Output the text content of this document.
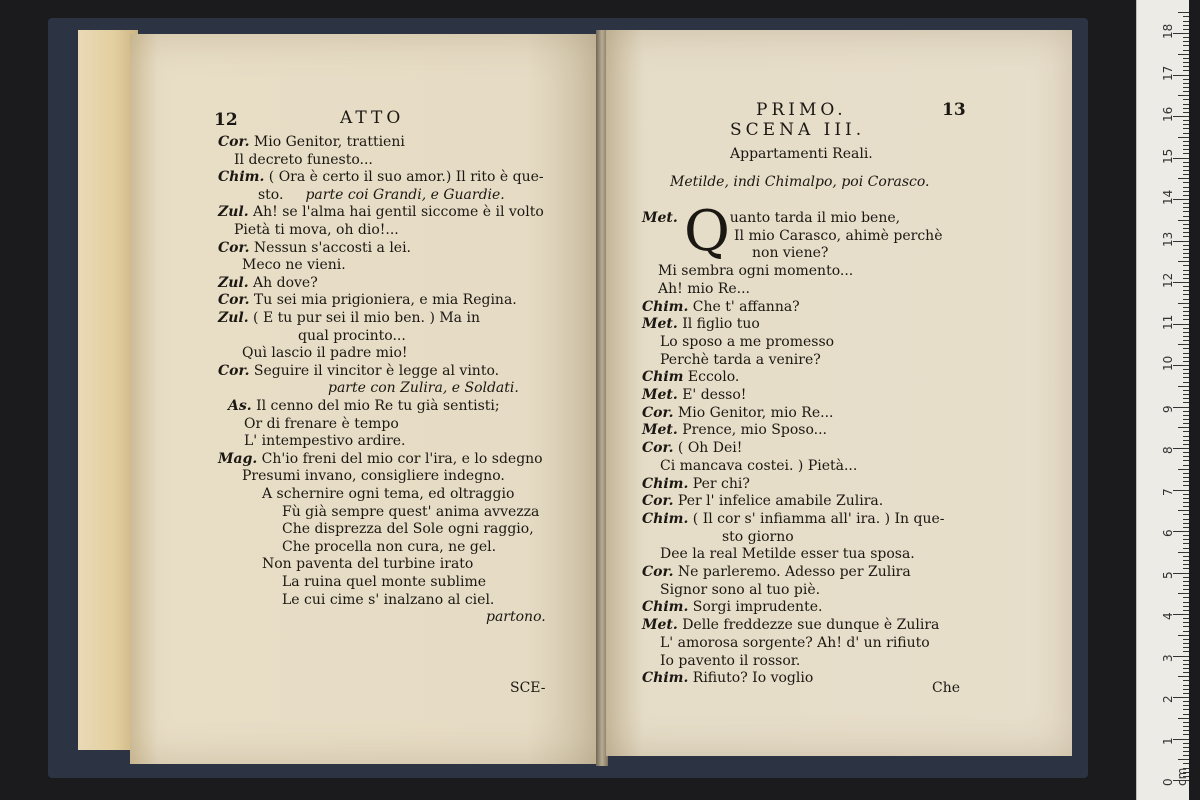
12	ATTO
Cor. Mio Genitor, trattieni
Il decreto funesto...
Chim. ( Ora è certo il suo amor.) Il rito è que-
sto. parte coi Grandi, e Guardie.
Zul. Ah! se l'alma hai gentil siccome è il volto
Pietà ti mova, oh dio!...
Cor. Nessun s'accosti a lei.
Meco ne vieni.
Zul. Ah dove?
Cor. Tu sei mia prigioniera, e mia Regina.
Zul. ( E tu pur sei il mio ben. ) Ma in
qual procinto...
Quì lascio il padre mio!
Cor. Seguire il vincitor è legge al vinto.
parte con Zulira, e Soldati.
As. Il cenno del mio Re tu già sentisti;
Or di frenare è tempo
L' intempestivo ardire.
Mag. Ch'io freni del mio cor l'ira, e lo sdegno
Presumi invano, consigliere indegno.
A schernire ogni tema, ed oltraggio
Fù già sempre quest' anima avvezza
Che disprezza del Sole ogni raggio,
Che procella non cura, ne gel.
Non paventa del turbine irato
La ruina quel monte sublime
Le cui cime s' inalzano al ciel.
partono.
SCE-
PRIMO.	13
SCENA III.
Appartamenti Reali.
Metilde, indi Chimalpo, poi Corasco.
Q
Met.	uanto tarda il mio bene,
Il mio Carasco, ahimè perchè
non viene?
Mi sembra ogni momento...
Ah! mio Re...
Chim. Che t' affanna?
Met. Il figlio tuo
Lo sposo a me promesso
Perchè tarda a venire?
Chim Eccolo.
Met. E' desso!
Cor. Mio Genitor, mio Re...
Met. Prence, mio Sposo...
Cor. ( Oh Dei!
Ci mancava costei. ) Pietà...
Chim. Per chi?
Cor. Per l' infelice amabile Zulira.
Chim. ( Il cor s' infiamma all' ira. ) In que-
sto giorno
Dee la real Metilde esser tua sposa.
Cor. Ne parleremo. Adesso per Zulira
Signor sono al tuo piè.
Chim. Sorgi imprudente.
Met. Delle freddezze sue dunque è Zulira
L' amorosa sorgente? Ah! d' un rifiuto
Io pavento il rossor.
Chim. Rifiuto? Io voglio
Che
0 cm
1
2
3
4
5
6
7
8
9
10
11
12
13
14
15
16
17
18
